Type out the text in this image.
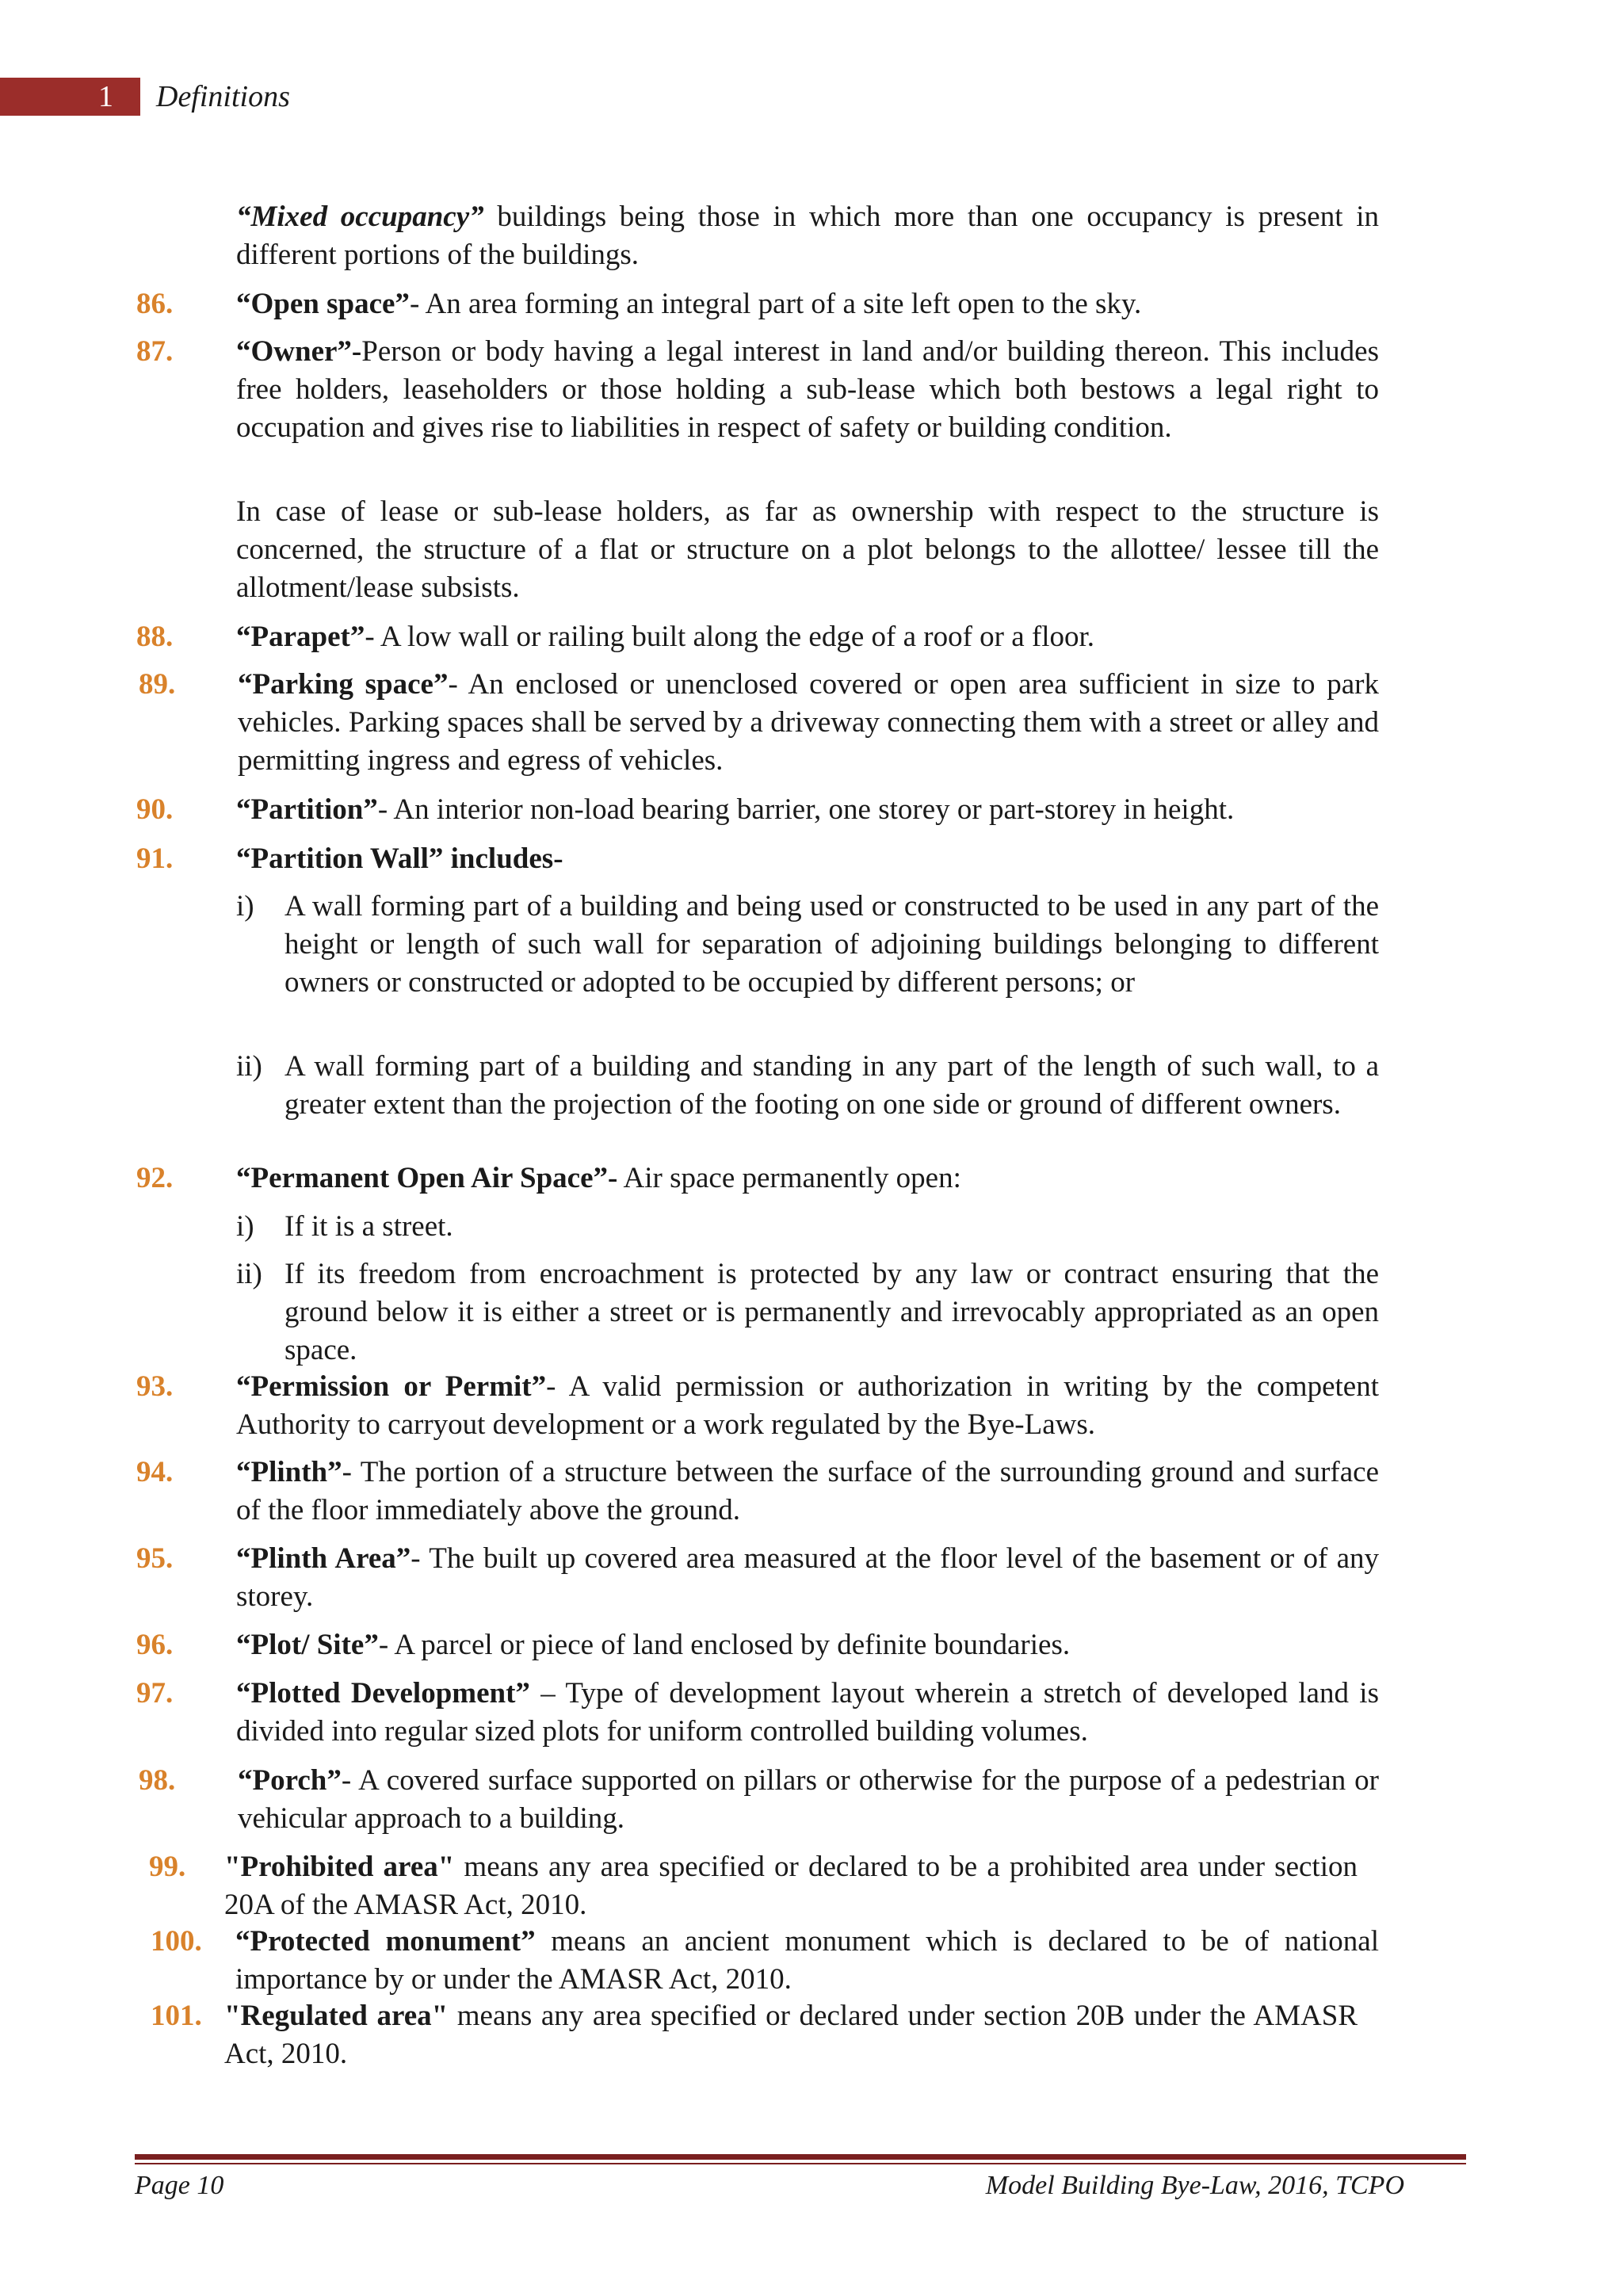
1	Definitions

“Mixed occupancy” buildings being those in which more than one occupancy is present in different portions of the buildings.

86. “Open space”- An area forming an integral part of a site left open to the sky.

87. “Owner”-Person or body having a legal interest in land and/or building thereon. This includes free holders, leaseholders or those holding a sub-lease which both bestows a legal right to occupation and gives rise to liabilities in respect of safety or building condition.

In case of lease or sub-lease holders, as far as ownership with respect to the structure is concerned, the structure of a flat or structure on a plot belongs to the allottee/ lessee till the allotment/lease subsists.

88. “Parapet”- A low wall or railing built along the edge of a roof or a floor.

89. “Parking space”- An enclosed or unenclosed covered or open area sufficient in size to park vehicles. Parking spaces shall be served by a driveway connecting them with a street or alley and permitting ingress and egress of vehicles.

90. “Partition”- An interior non-load bearing barrier, one storey or part-storey in height.

91. “Partition Wall” includes-

i) A wall forming part of a building and being used or constructed to be used in any part of the height or length of such wall for separation of adjoining buildings belonging to different owners or constructed or adopted to be occupied by different persons; or

ii) A wall forming part of a building and standing in any part of the length of such wall, to a greater extent than the projection of the footing on one side or ground of different owners.

92. “Permanent Open Air Space”- Air space permanently open:

i) If it is a street.

ii) If its freedom from encroachment is protected by any law or contract ensuring that the ground below it is either a street or is permanently and irrevocably appropriated as an open space.

93. “Permission or Permit”- A valid permission or authorization in writing by the competent Authority to carryout development or a work regulated by the Bye-Laws.

94. “Plinth”- The portion of a structure between the surface of the surrounding ground and surface of the floor immediately above the ground.

95. “Plinth Area”- The built up covered area measured at the floor level of the basement or of any storey.

96. “Plot/ Site”- A parcel or piece of land enclosed by definite boundaries.

97. “Plotted Development” – Type of development layout wherein a stretch of developed land is divided into regular sized plots for uniform controlled building volumes.

98. “Porch”- A covered surface supported on pillars or otherwise for the purpose of a pedestrian or vehicular approach to a building.

99. "Prohibited area" means any area specified or declared to be a prohibited area under section 20A of the AMASR Act, 2010.

100. “Protected monument” means an ancient monument which is declared to be of national importance by or under the AMASR Act, 2010.

101. "Regulated area" means any area specified or declared under section 20B under the AMASR Act, 2010.

Page 10	Model Building Bye-Law, 2016, TCPO
